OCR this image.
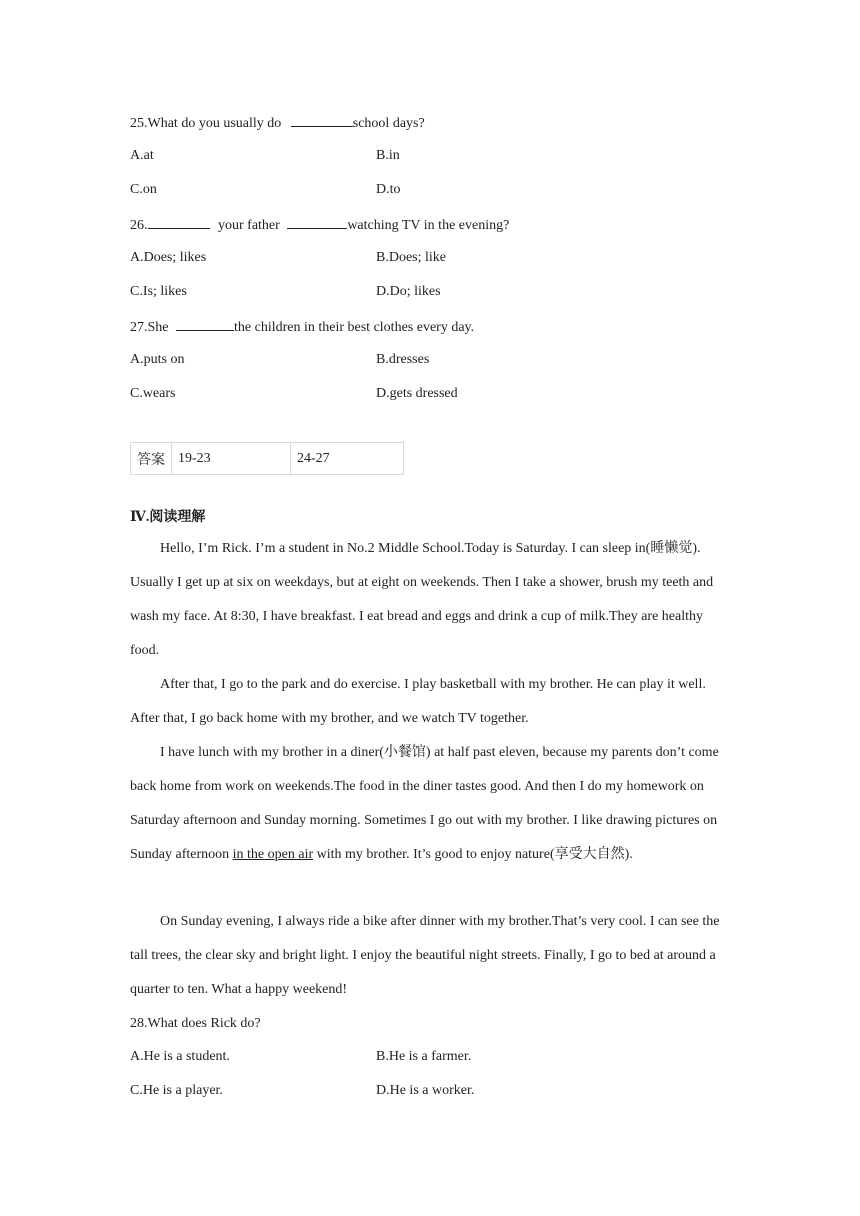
25.What do you usually do	school days?
A.at	B.in
C.on	D.to
26.	your father	watching TV in the evening?
A.Does; likes	B.Does; like
C.Is; likes	D.Do; likes
27.She	the children in their best clothes every day.
A.puts on	B.dresses
C.wears	D.gets dressed
答案	19-23	24-27
Ⅳ.阅读理解
Hello, I’m Rick. I’m a student in No.2 Middle School.Today is Saturday. I can sleep in(睡懒觉). Usually I get up at six on weekdays, but at eight on weekends. Then I take a shower, brush my teeth and wash my face. At 8:30, I have breakfast. I eat bread and eggs and drink a cup of milk.They are healthy food.
After that, I go to the park and do exercise. I play basketball with my brother. He can play it well. After that, I go back home with my brother, and we watch TV together.
I have lunch with my brother in a diner(小餐馆) at half past eleven, because my parents don’t come back home from work on weekends.The food in the diner tastes good. And then I do my homework on Saturday afternoon and Sunday morning. Sometimes I go out with my brother. I like drawing pictures on Sunday afternoon in the open air with my brother. It’s good to enjoy nature(享受大自然).
On Sunday evening, I always ride a bike after dinner with my brother.That’s very cool. I can see the tall trees, the clear sky and bright light. I enjoy the beautiful night streets. Finally, I go to bed at around a quarter to ten. What a happy weekend!
28.What does Rick do?
A.He is a student.	B.He is a farmer.
C.He is a player.	D.He is a worker.
